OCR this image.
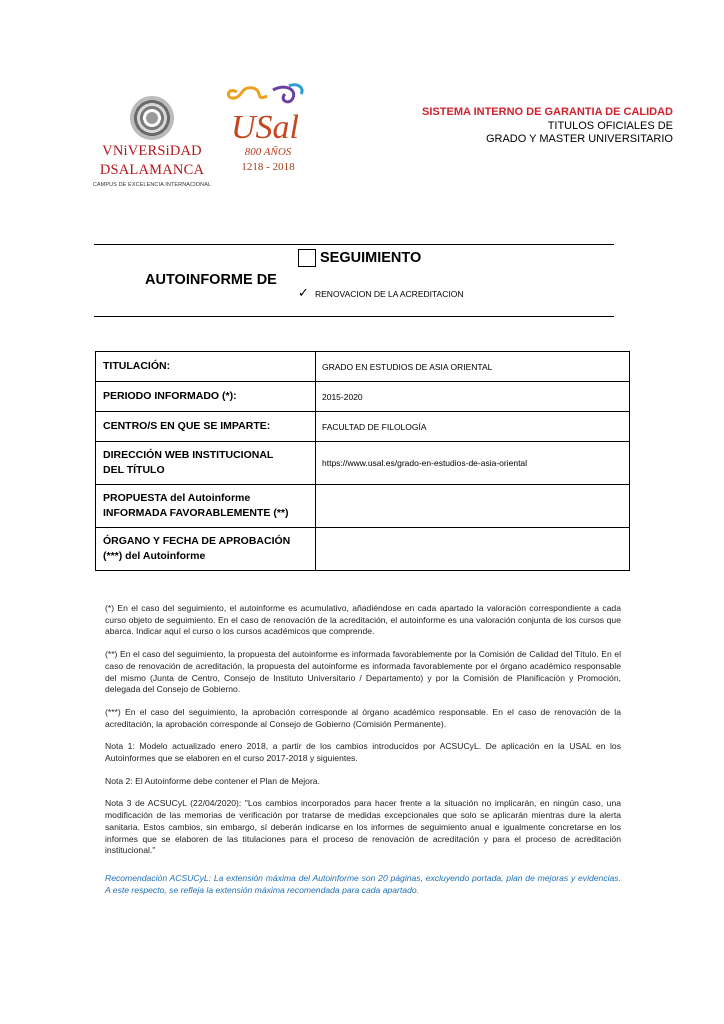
VNiVERSiDAD
DSALAMANCA
CAMPUS DE EXCELENCIA INTERNACIONAL
USal
800 AÑOS
1218 - 2018
SISTEMA INTERNO DE GARANTIA DE CALIDAD
TITULOS OFICIALES DE
GRADO Y MASTER UNIVERSITARIO
AUTOINFORME DE
SEGUIMIENTO
✓ RENOVACION DE LA ACREDITACION
TITULACIÓN:	GRADO EN ESTUDIOS DE ASIA ORIENTAL
PERIODO INFORMADO (*):	2015-2020
CENTRO/S EN QUE SE IMPARTE:	FACULTAD DE FILOLOGÍA
DIRECCIÓN WEB INSTITUCIONAL
DEL TÍTULO	https://www.usal.es/grado-en-estudios-de-asia-oriental
PROPUESTA del Autoinforme
INFORMADA FAVORABLEMENTE (**)	
ÓRGANO Y FECHA DE APROBACIÓN
(***) del Autoinforme	

(*) En el caso del seguimiento, el autoinforme es acumulativo, añadiéndose en cada apartado la valoración correspondiente a cada curso objeto de seguimiento. En el caso de renovación de la acreditación, el autoinforme es una valoración conjunta de los cursos que abarca. Indicar aquí el curso o los cursos académicos que comprende.

(**) En el caso del seguimiento, la propuesta del autoinforme es informada favorablemente por la Comisión de Calidad del Título. En el caso de renovación de acreditación, la propuesta del autoinforme es informada favorablemente por el órgano académico responsable del mismo (Junta de Centro, Consejo de Instituto Universitario / Departamento) y por la Comisión de Planificación y Promoción, delegada del Consejo de Gobierno.

(***) En el caso del seguimiento, la aprobación corresponde al órgano académico responsable. En el caso de renovación de la acreditación, la aprobación corresponde al Consejo de Gobierno (Comisión Permanente).

Nota 1: Modelo actualizado enero 2018, a partir de los cambios introducidos por ACSUCyL. De aplicación en la USAL en los Autoinformes que se elaboren en el curso 2017-2018 y siguientes.

Nota 2: El Autoinforme debe contener el Plan de Mejora.

Nota 3 de ACSUCyL (22/04/2020): "Los cambios incorporados para hacer frente a la situación no implicarán, en ningún caso, una modificación de las memorias de verificación por tratarse de medidas excepcionales que solo se aplicarán mientras dure la alerta sanitaria. Estos cambios, sin embargo, sí deberán indicarse en los informes de seguimiento anual e igualmente concretarse en los informes que se elaboren de las titulaciones para el proceso de renovación de acreditación y para el proceso de acreditación institucional."

Recomendación ACSUCyL: La extensión máxima del Autoinforme son 20 páginas, excluyendo portada, plan de mejoras y evidencias. A este respecto, se refleja la extensión máxima recomendada para cada apartado.
